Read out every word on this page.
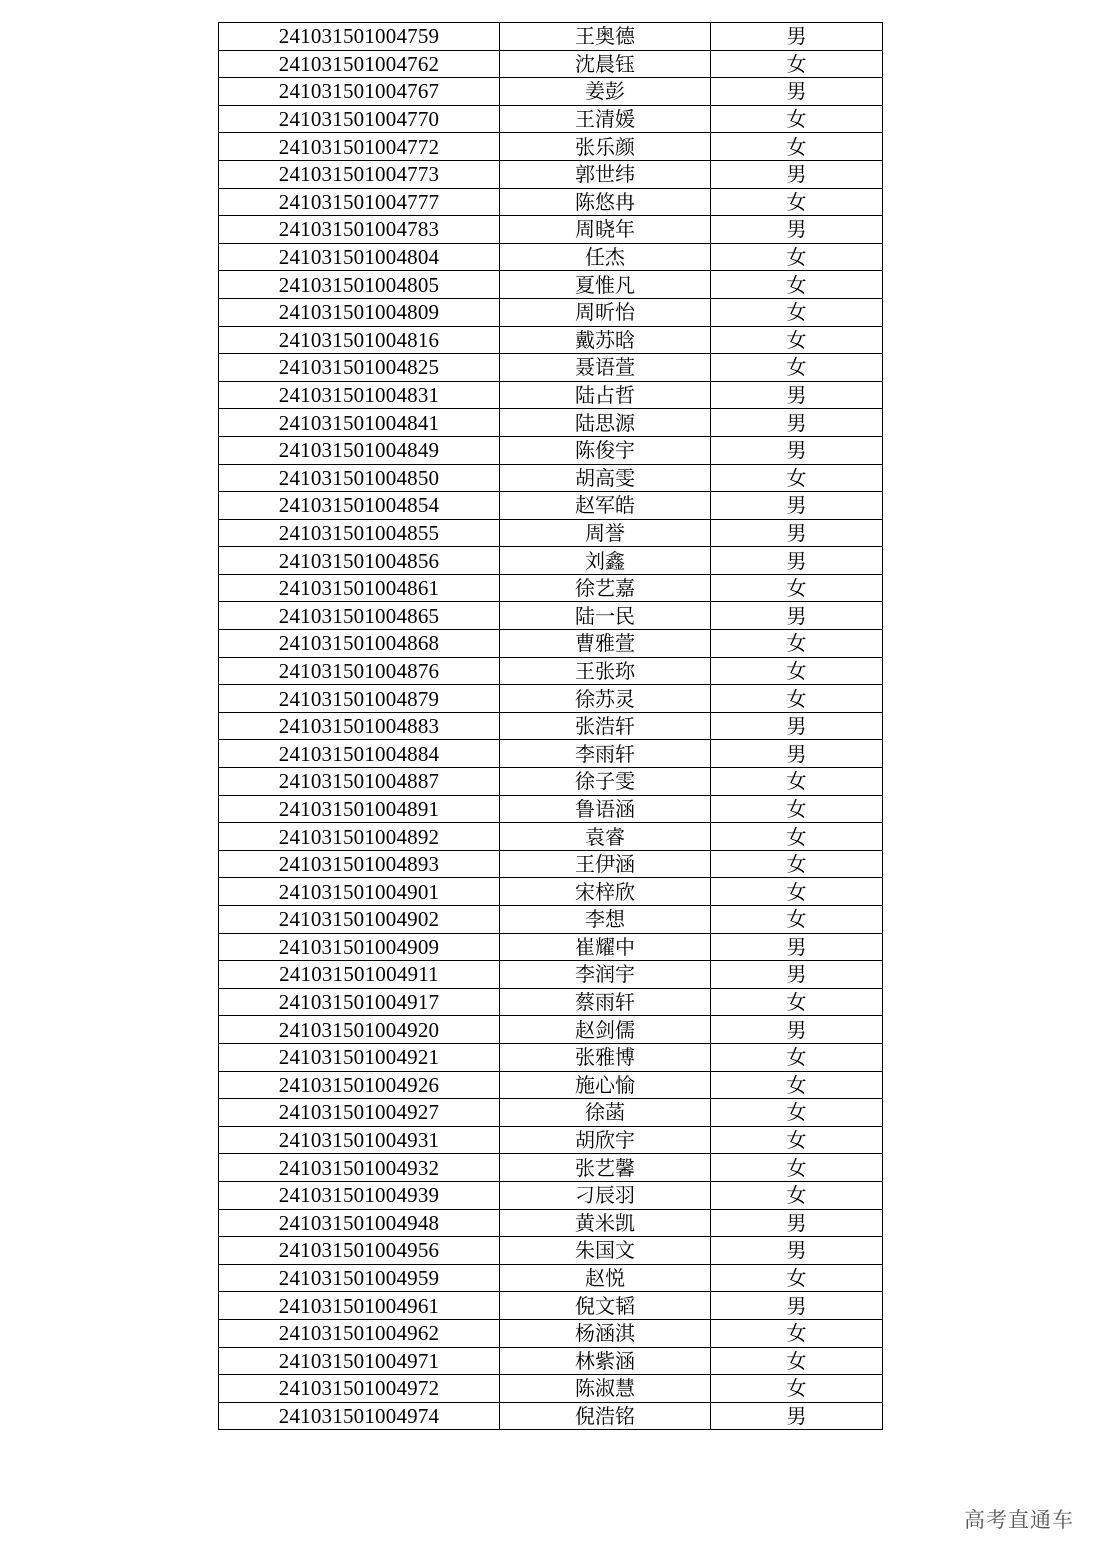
241031501004759	王奥德	男
241031501004762	沈晨钰	女
241031501004767	姜彭	男
241031501004770	王清媛	女
241031501004772	张乐颜	女
241031501004773	郭世纬	男
241031501004777	陈悠冉	女
241031501004783	周晓年	男
241031501004804	任杰	女
241031501004805	夏惟凡	女
241031501004809	周昕怡	女
241031501004816	戴苏晗	女
241031501004825	聂语萱	女
241031501004831	陆占哲	男
241031501004841	陆思源	男
241031501004849	陈俊宇	男
241031501004850	胡高雯	女
241031501004854	赵军皓	男
241031501004855	周誉	男
241031501004856	刘鑫	男
241031501004861	徐艺嘉	女
241031501004865	陆一民	男
241031501004868	曹雅萱	女
241031501004876	王张珎	女
241031501004879	徐苏灵	女
241031501004883	张浩轩	男
241031501004884	李雨轩	男
241031501004887	徐子雯	女
241031501004891	鲁语涵	女
241031501004892	袁睿	女
241031501004893	王伊涵	女
241031501004901	宋梓欣	女
241031501004902	李想	女
241031501004909	崔耀中	男
241031501004911	李润宇	男
241031501004917	蔡雨轩	女
241031501004920	赵剑儒	男
241031501004921	张雅博	女
241031501004926	施心愉	女
241031501004927	徐菡	女
241031501004931	胡欣宇	女
241031501004932	张艺馨	女
241031501004939	刁辰羽	女
241031501004948	黄米凯	男
241031501004956	朱国文	男
241031501004959	赵悦	女
241031501004961	倪文韬	男
241031501004962	杨涵淇	女
241031501004971	林紫涵	女
241031501004972	陈淑慧	女
241031501004974	倪浩铭	男
高考直通车
